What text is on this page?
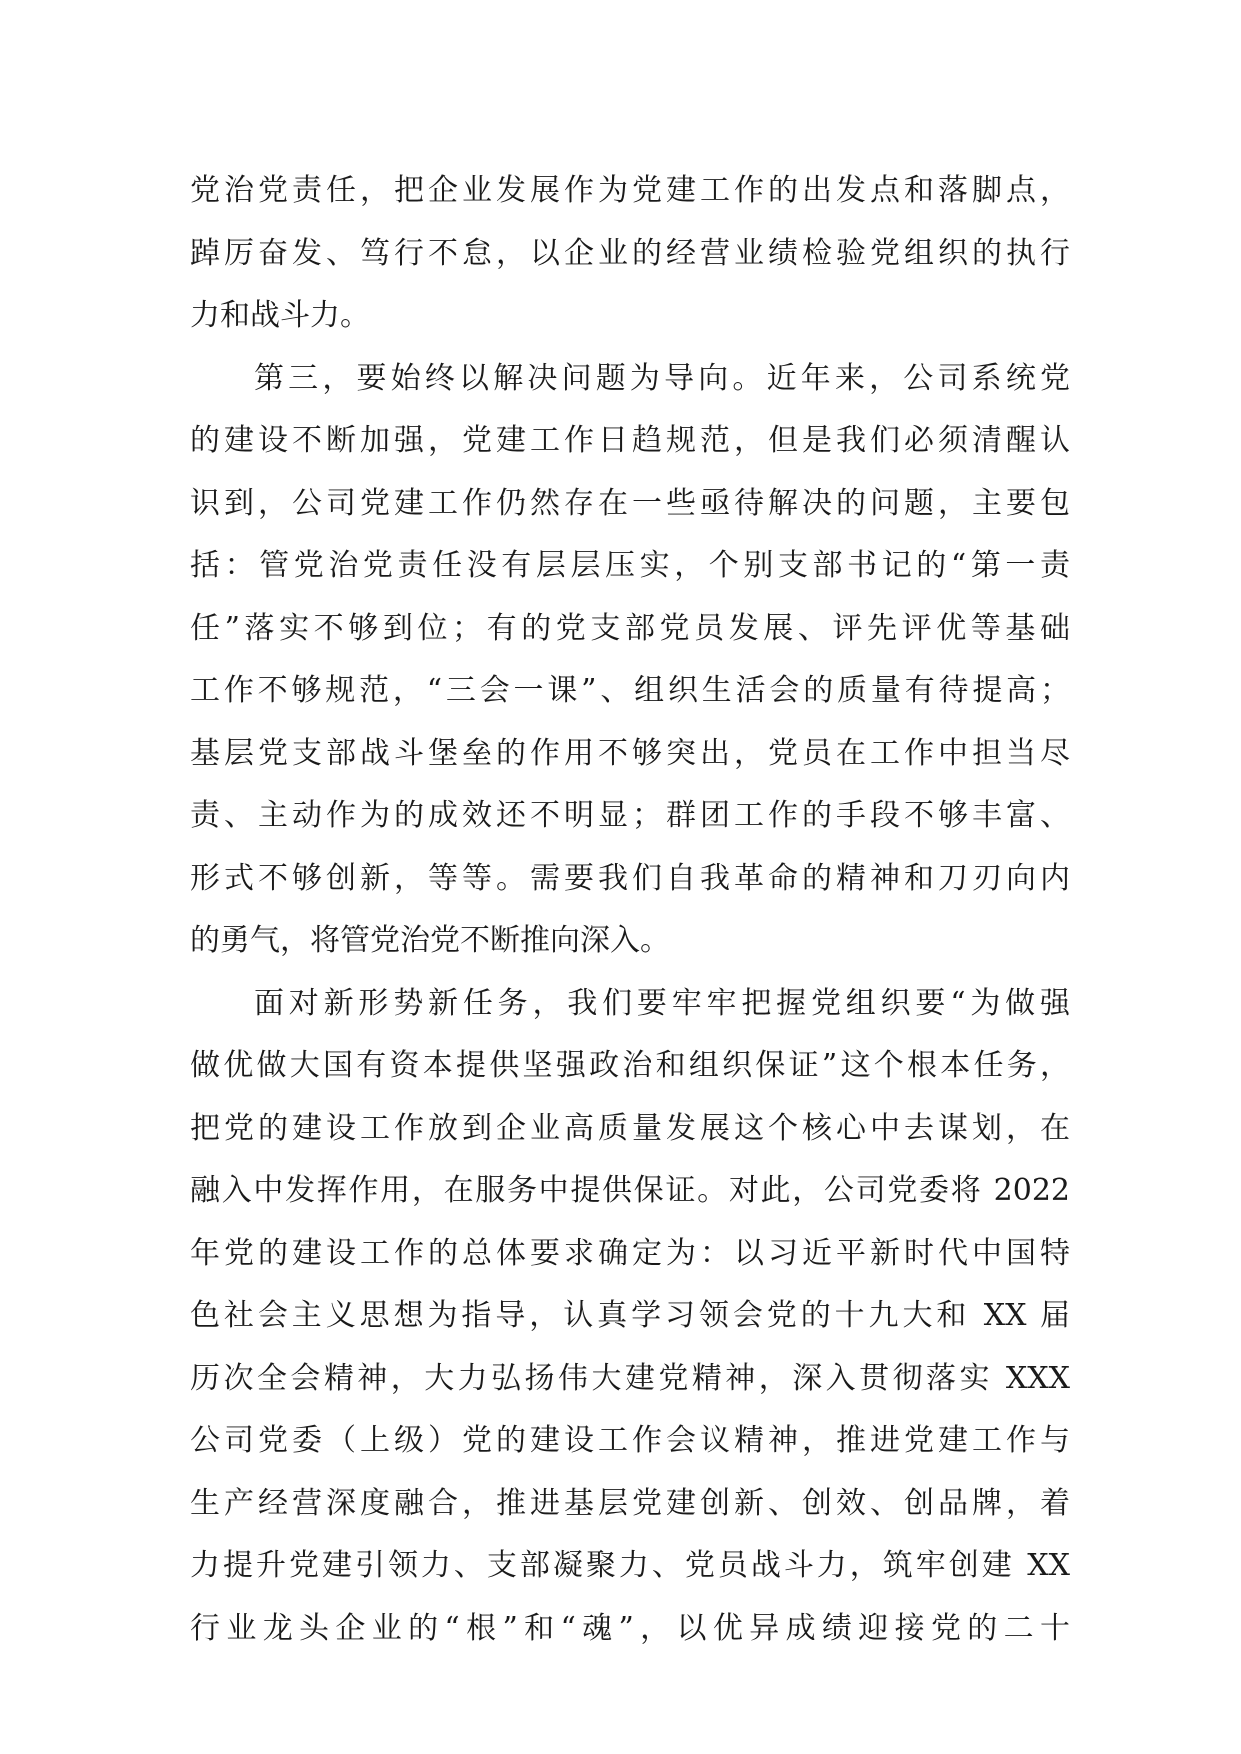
党治党责任，把企业发展作为党建工作的出发点和落脚点，
踔厉奋发、笃行不怠，以企业的经营业绩检验党组织的执行
力和战斗力。
第三，要始终以解决问题为导向。近年来，公司系统党
的建设不断加强，党建工作日趋规范，但是我们必须清醒认
识到，公司党建工作仍然存在一些亟待解决的问题，主要包
括：管党治党责任没有层层压实，个别支部书记的“第一责
任”落实不够到位；有的党支部党员发展、评先评优等基础
工作不够规范，“三会一课”、组织生活会的质量有待提高；
基层党支部战斗堡垒的作用不够突出，党员在工作中担当尽
责、主动作为的成效还不明显；群团工作的手段不够丰富、
形式不够创新，等等。需要我们自我革命的精神和刀刃向内
的勇气，将管党治党不断推向深入。
面对新形势新任务，我们要牢牢把握党组织要“为做强
做优做大国有资本提供坚强政治和组织保证”这个根本任务，
把党的建设工作放到企业高质量发展这个核心中去谋划，在
融入中发挥作用，在服务中提供保证。对此，公司党委将 2022
年党的建设工作的总体要求确定为：以习近平新时代中国特
色社会主义思想为指导，认真学习领会党的十九大和 XX 届
历次全会精神，大力弘扬伟大建党精神，深入贯彻落实 XXX
公司党委（上级）党的建设工作会议精神，推进党建工作与
生产经营深度融合，推进基层党建创新、创效、创品牌，着
力提升党建引领力、支部凝聚力、党员战斗力，筑牢创建 XX
行业龙头企业的“根”和“魂”，以优异成绩迎接党的二十
